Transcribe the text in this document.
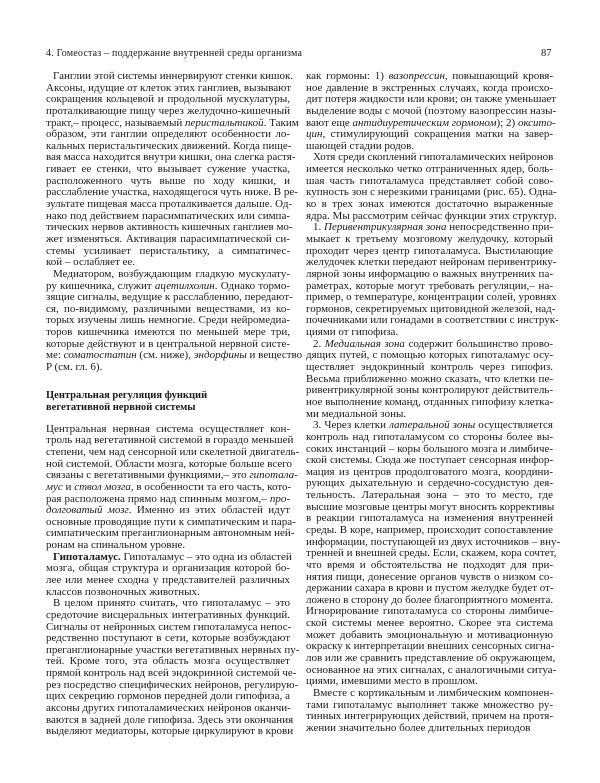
4. Гомеостаз – поддержание внутренней среды организма	87
Ганглии этой системы иннервируют стенки кишок.
Аксоны, идущие от клеток этих ганглиев, вызывают
сокращения кольцевой и продольной мускулатуры,
проталкивающие пищу через желудочно-кишечный
тракт,– процесс, называемый перистальтикой. Таким
образом, эти ганглии определяют особенности ло-
кальных перистальтических движений. Когда пище-
вая масса находится внутри кишки, она слегка растя-
гивает ее стенки, что вызывает сужение участка,
расположенного чуть выше по ходу кишки, и
расслабление участка, находящегося чуть ниже. В ре-
зультате пищевая масса проталкивается дальше. Од-
нако под действием парасимпатических или симпа-
тических нервов активность кишечных ганглиев мо-
жет изменяться. Активация парасимпатической си-
стемы усиливает перистальтику, а симпатичес-
кой – ослабляет ее.
Медиатором, возбуждающим гладкую мускулату-
ру кишечника, служит ацетилхолин. Однако тормо-
зящие сигналы, ведущие к расслаблению, передают-
ся, по-видимому, различными веществами, из ко-
торых изучены лишь немногие. Среди нейромедиа-
торов кишечника имеются по меньшей мере три,
которые действуют и в центральной нервной систе-
ме: соматостатин (см. ниже), эндорфины и вещество
P (см. гл. 6).
Центральная регуляция функций
вегетативной нервной системы
Центральная нервная система осуществляет кон-
троль над вегетативной системой в гораздо меньшей
степени, чем над сенсорной или скелетной двигатель-
ной системой. Области мозга, которые больше всего
связаны с вегетативными функциями,– это гипотала-
мус и ствол мозга, в особенности та его часть, кото-
рая расположена прямо над спинным мозгом,– про-
долговатый мозг. Именно из этих областей идут
основные проводящие пути к симпатическим и пара-
симпатическим преганглионарным автономным ней-
ронам на спинальном уровне.
Гипоталамус. Гипоталамус – это одна из областей
мозга, общая структура и организация которой бо-
лее или менее сходна у представителей различных
классов позвоночных животных.
В целом принято считать, что гипоталамус – это
средоточие висцеральных интегративных функций.
Сигналы от нейронных систем гипоталамуса непос-
редственно поступают в сети, которые возбуждают
преганглионарные участки вегетативных нервных пу-
тей. Кроме того, эта область мозга осуществляет
прямой контроль над всей эндокринной системой че-
рез посредство специфических нейронов, регулирую-
щих секрецию гормонов передней доли гипофиза, а
аксоны других гипоталамических нейронов оканчи-
ваются в задней доле гипофиза. Здесь эти окончания
выделяют медиаторы, которые циркулируют в крови
как гормоны: 1) вазопрессин, повышающий кровя-
ное давление в экстренных случаях, когда происхо-
дит потеря жидкости или крови; он также уменьшает
выделение воды с мочой (поэтому вазопрессин назы-
вают еще антидиуретическим гормоном); 2) оксито-
цин, стимулирующий сокращения матки на завер-
шающей стадии родов.
Хотя среди скоплений гипоталамических нейронов
имеется несколько четко отграниченных ядер, боль-
шая часть гипоталамуса представляет собой сово-
купность зон с нерезкими границами (рис. 65). Одна-
ко в трех зонах имеются достаточно выраженные
ядра. Мы рассмотрим сейчас функции этих структур.
1. Перивентрикулярная зона непосредственно при-
мыкает к третьему мозговому желудочку, который
проходит через центр гипоталамуса. Выстилающие
желудочек клетки передают нейронам перивентрику-
лярной зоны информацию о важных внутренних па-
раметрах, которые могут требовать регуляции,– на-
пример, о температуре, концентрации солей, уровнях
гормонов, секретируемых щитовидной железой, над-
почечниками или гонадами в соответствии с инструк-
циями от гипофиза.
2. Медиальная зона содержит большинство прово-
дящих путей, с помощью которых гипоталамус осу-
ществляет эндокринный контроль через гипофиз.
Весьма приближенно можно сказать, что клетки пе-
ривентрикулярной зоны контролируют действитель-
ное выполнение команд, отданных гипофизу клетка-
ми медиальной зоны.
3. Через клетки латеральной зоны осуществляется
контроль над гипоталамусом со стороны более вы-
соких инстанций – коры большого мозга и лимбиче-
ской системы. Сюда же поступает сенсорная инфор-
мация из центров продолговатого мозга, координи-
рующих дыхательную и сердечно-сосудистую дея-
тельность. Латеральная зона – это то место, где
высшие мозговые центры могут вносить коррективы
в реакции гипоталамуса на изменения внутренней
среды. В коре, например, происходит сопоставление
информации, поступающей из двух источников – вну-
тренней и внешней среды. Если, скажем, кора сочтет,
что время и обстоятельства не подходят для при-
нятия пищи, донесение органов чувств о низком со-
держании сахара в крови и пустом желудке будет от-
ложено в сторону до более благоприятного момента.
Игнорирование гипоталамуса со стороны лимбиче-
ской системы менее вероятно. Скорее эта система
может добавить эмоциональную и мотивационную
окраску к интерпретации внешних сенсорных сигна-
лов или же сравнить представление об окружающем,
основанное на этих сигналах, с аналогичными ситуа-
циями, имевшими место в прошлом.
Вместе с кортикальным и лимбическим компонен-
тами гипоталамус выполняет также множество ру-
тинных интегрирующих действий, причем на протя-
жении значительно более длительных периодов
